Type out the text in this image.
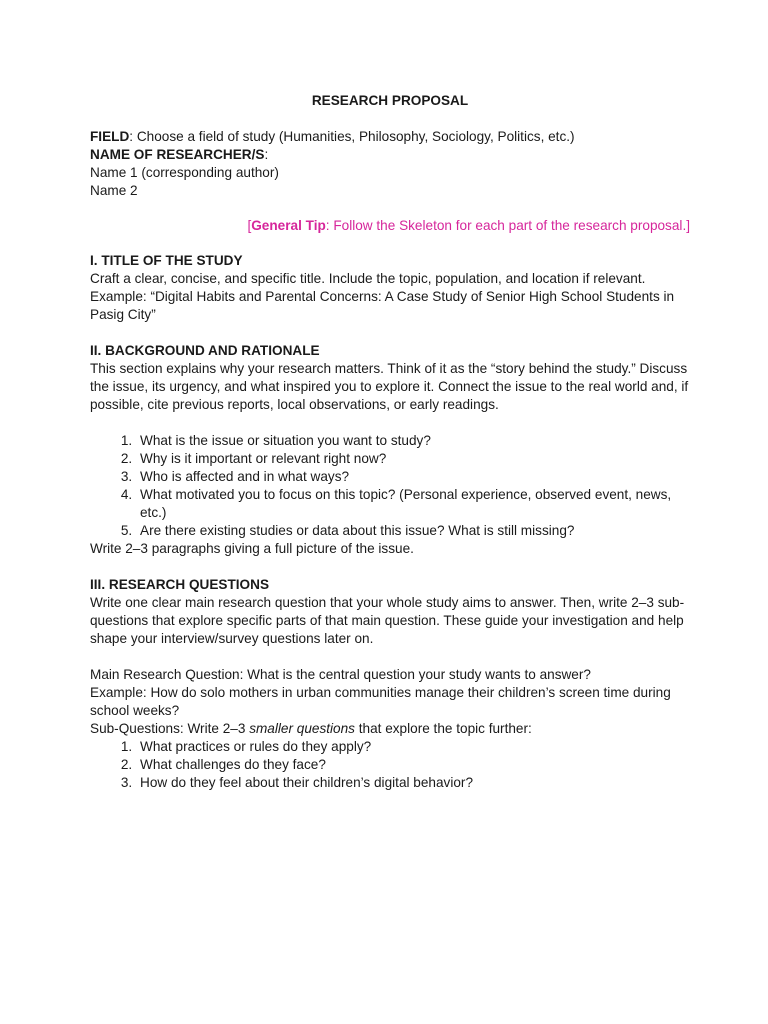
RESEARCH PROPOSAL

FIELD: Choose a field of study (Humanities, Philosophy, Sociology, Politics, etc.)

NAME OF RESEARCHER/S:

Name 1 (corresponding author)

Name 2

[General Tip: Follow the Skeleton for each part of the research proposal.]

I. TITLE OF THE STUDY

Craft a clear, concise, and specific title. Include the topic, population, and location if relevant.

Example: “Digital Habits and Parental Concerns: A Case Study of Senior High School Students in Pasig City”

II. BACKGROUND AND RATIONALE

This section explains why your research matters. Think of it as the “story behind the study.” Discuss the issue, its urgency, and what inspired you to explore it. Connect the issue to the real world and, if possible, cite previous reports, local observations, or early readings.

1. What is the issue or situation you want to study?
2. Why is it important or relevant right now?
3. Who is affected and in what ways?
4. What motivated you to focus on this topic? (Personal experience, observed event, news, etc.)
5. Are there existing studies or data about this issue? What is still missing?

Write 2–3 paragraphs giving a full picture of the issue.

III. RESEARCH QUESTIONS

Write one clear main research question that your whole study aims to answer. Then, write 2–3 sub-questions that explore specific parts of that main question. These guide your investigation and help shape your interview/survey questions later on.

Main Research Question: What is the central question your study wants to answer?

Example: How do solo mothers in urban communities manage their children’s screen time during school weeks?

Sub-Questions: Write 2–3 smaller questions that explore the topic further:

1. What practices or rules do they apply?
2. What challenges do they face?
3. How do they feel about their children’s digital behavior?
